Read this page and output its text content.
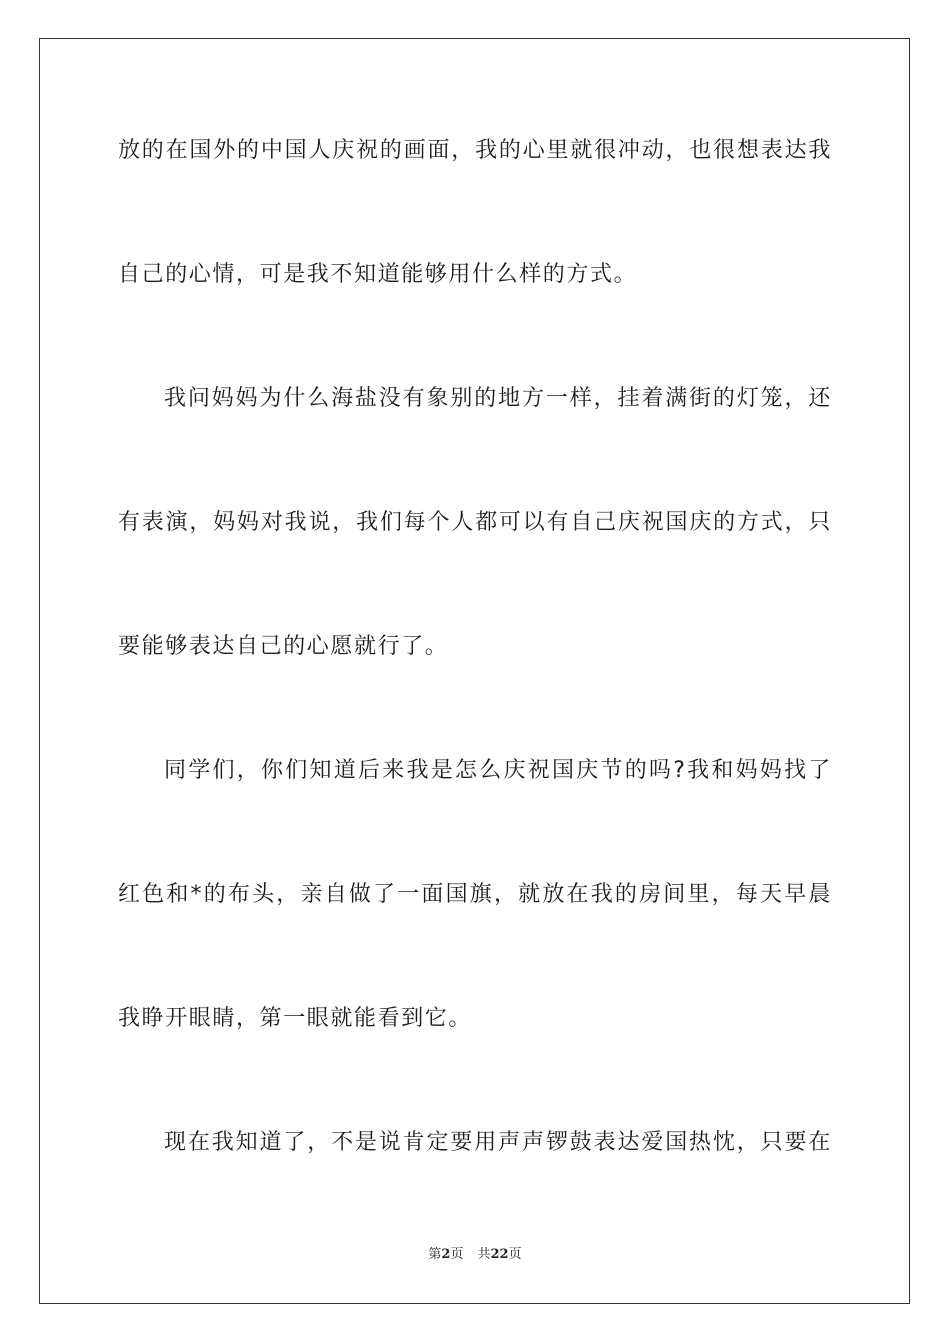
放的在国外的中国人庆祝的画面，我的心里就很冲动，也很想表达我
自己的心情，可是我不知道能够用什么样的方式。
我问妈妈为什么海盐没有象别的地方一样，挂着满街的灯笼，还
有表演，妈妈对我说，我们每个人都可以有自己庆祝国庆的方式，只
要能够表达自己的心愿就行了。
同学们，你们知道后来我是怎么庆祝国庆节的吗?我和妈妈找了
红色和*的布头，亲自做了一面国旗，就放在我的房间里，每天早晨
我睁开眼睛，第一眼就能看到它。
现在我知道了，不是说肯定要用声声锣鼓表达爱国热忱，只要在
第2页 共22页
